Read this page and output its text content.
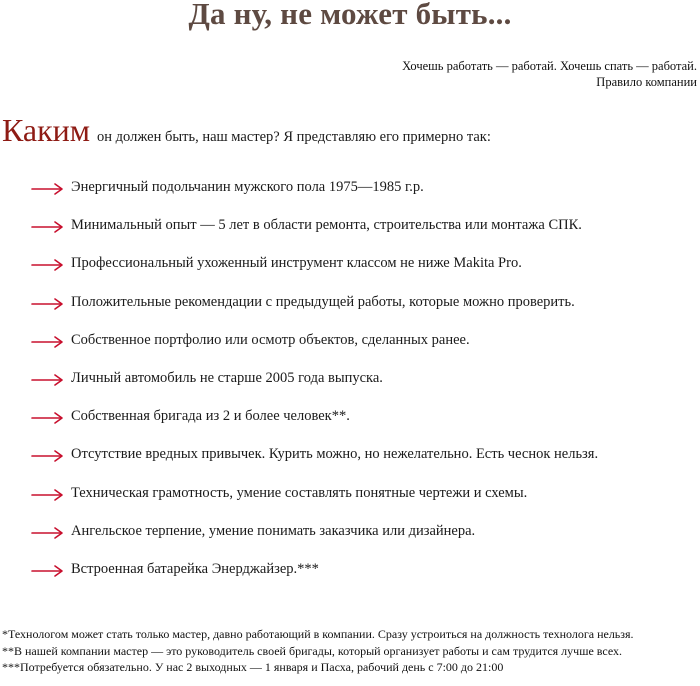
Да ну, не может быть...
Хочешь работать — работай. Хочешь спать — работай.
Правило компании
Каким он должен быть, наш мастер? Я представляю его примерно так:
Энергичный подольчанин мужского пола 1975—1985 г.р.
Минимальный опыт — 5 лет в области ремонта, строительства или монтажа СПК.
Профессиональный ухоженный инструмент классом не ниже Makita Pro.
Положительные рекомендации с предыдущей работы, которые можно проверить.
Собственное портфолио или осмотр объектов, сделанных ранее.
Личный автомобиль не старше 2005 года выпуска.
Собственная бригада из 2 и более человек**.
Отсутствие вредных привычек. Курить можно, но нежелательно. Есть чеснок нельзя.
Техническая грамотность, умение составлять понятные чертежи и схемы.
Ангельское терпение, умение понимать заказчика или дизайнера.
Встроенная батарейка Энерджайзер.***
*Технологом может стать только мастер, давно работающий в компании. Сразу устроиться на должность технолога нельзя.
**В нашей компании мастер — это руководитель своей бригады, который организует работы и сам трудится лучше всех.
***Потребуется обязательно. У нас 2 выходных — 1 января и Пасха, рабочий день с 7:00 до 21:00
